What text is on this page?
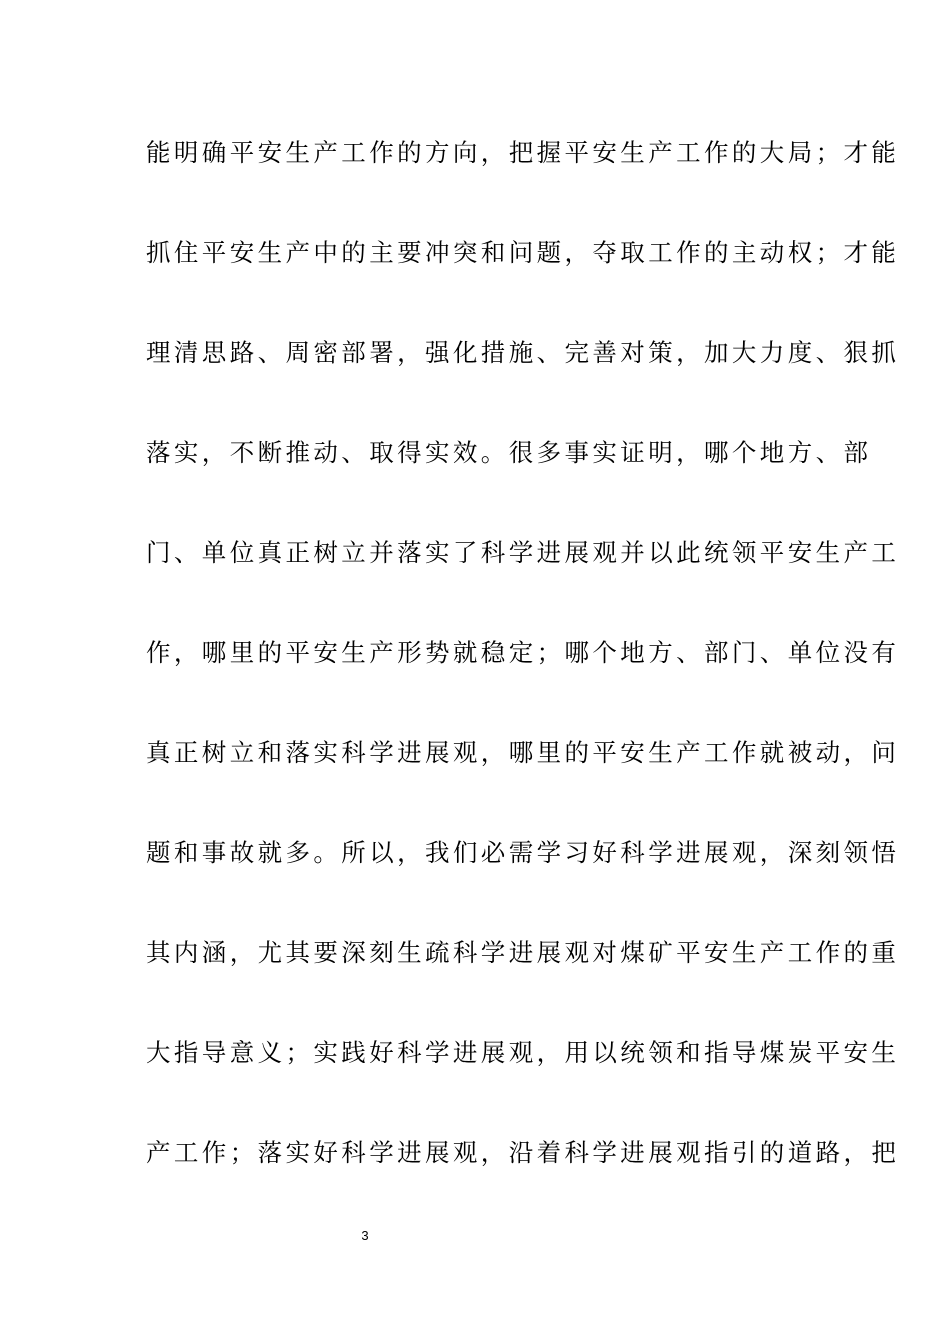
能明确平安生产工作的方向，把握平安生产工作的大局；才能
抓住平安生产中的主要冲突和问题，夺取工作的主动权；才能
理清思路、周密部署，强化措施、完善对策，加大力度、狠抓
落实，不断推动、取得实效。很多事实证明，哪个地方、部
门、单位真正树立并落实了科学进展观并以此统领平安生产工
作，哪里的平安生产形势就稳定；哪个地方、部门、单位没有
真正树立和落实科学进展观，哪里的平安生产工作就被动，问
题和事故就多。所以，我们必需学习好科学进展观，深刻领悟
其内涵，尤其要深刻生疏科学进展观对煤矿平安生产工作的重
大指导意义；实践好科学进展观，用以统领和指导煤炭平安生
产工作；落实好科学进展观，沿着科学进展观指引的道路，把
3
